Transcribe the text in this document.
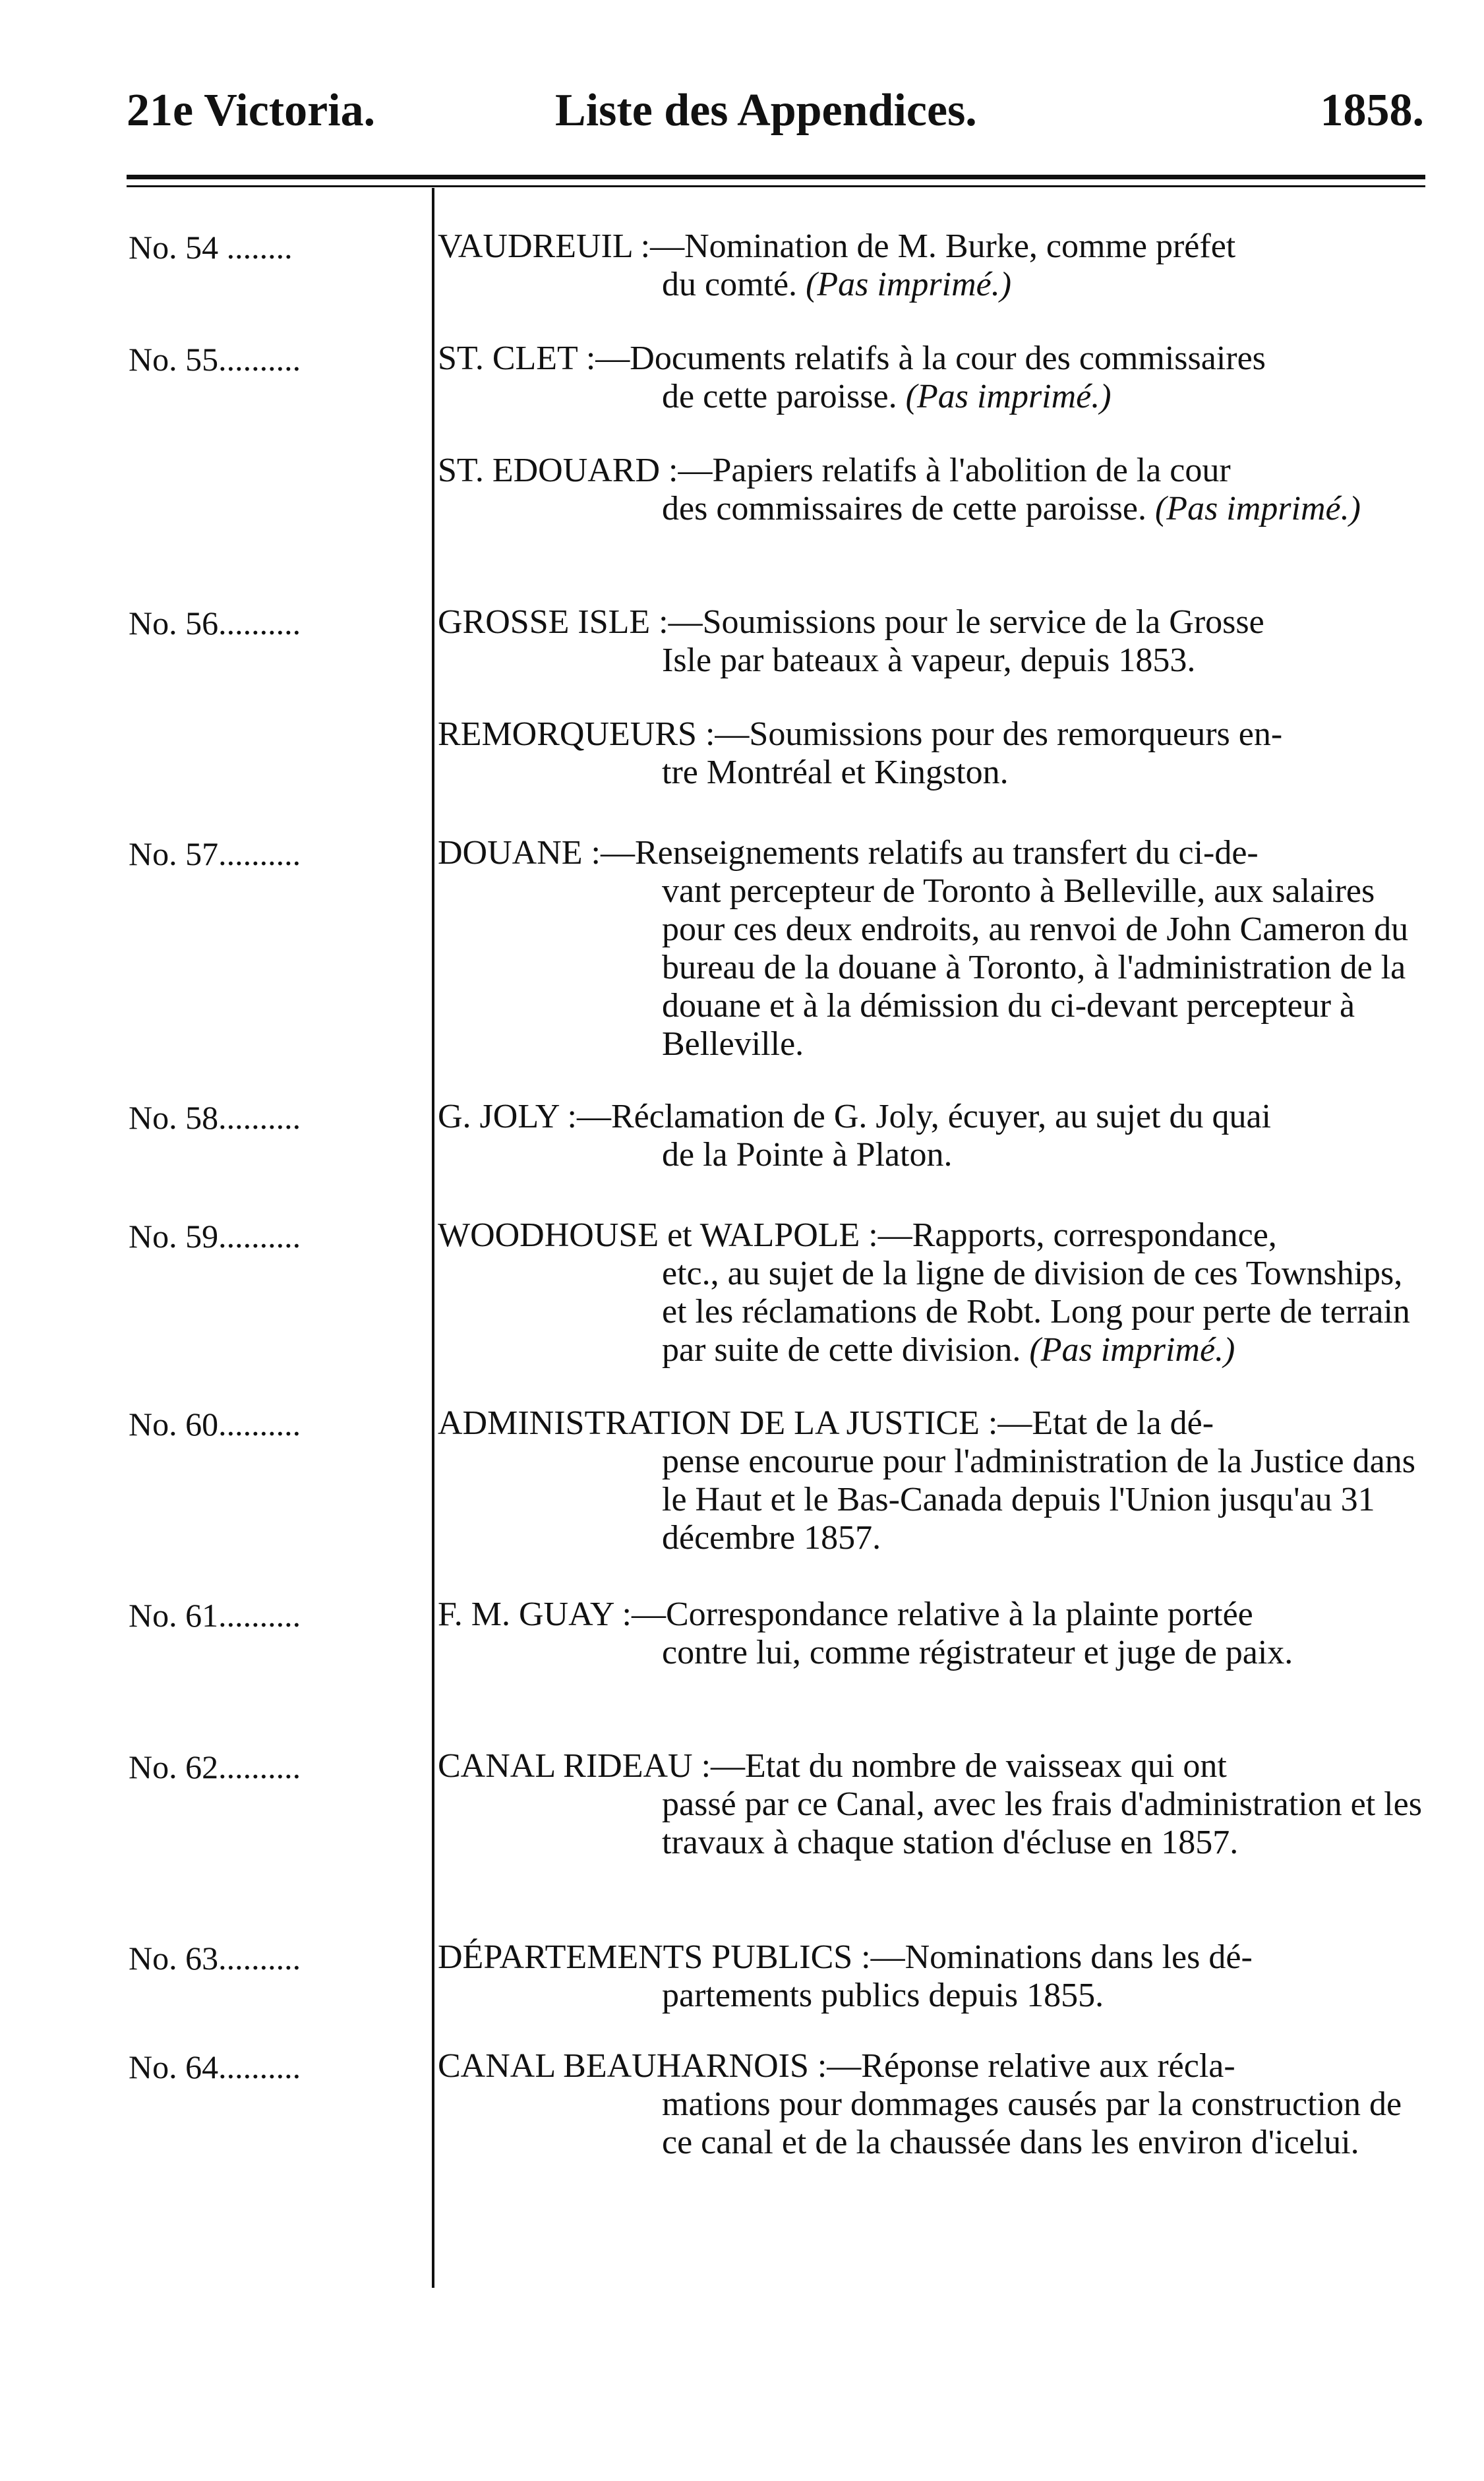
21e Victoria.	Liste des Appendices.	1858.
No. 54 ........	VAUDREUIL :—Nomination de M. Burke, comme préfet
du comté. (Pas imprimé.)
No. 55..........	ST. CLET :—Documents relatifs à la cour des commissaires
de cette paroisse. (Pas imprimé.)
ST. EDOUARD :—Papiers relatifs à l'abolition de la cour
des commissaires de cette paroisse. (Pas imprimé.)
No. 56..........	GROSSE ISLE :—Soumissions pour le service de la Grosse
Isle par bateaux à vapeur, depuis 1853.
REMORQUEURS :—Soumissions pour des remorqueurs en-
tre Montréal et Kingston.
No. 57..........	DOUANE :—Renseignements relatifs au transfert du ci-de-
vant percepteur de Toronto à Belleville, aux salaires pour ces deux endroits, au renvoi de John Cameron du bureau de la douane à Toronto, à l'administration de la douane et à la démission du ci-devant percepteur à Belleville.
No. 58..........	G. JOLY :—Réclamation de G. Joly, écuyer, au sujet du quai
de la Pointe à Platon.
No. 59..........	WOODHOUSE et WALPOLE :—Rapports, correspondance,
etc., au sujet de la ligne de division de ces Townships, et les réclamations de Robt. Long pour perte de terrain par suite de cette division. (Pas imprimé.)
No. 60..........	ADMINISTRATION DE LA JUSTICE :—Etat de la dé-
pense encourue pour l'administration de la Justice dans le Haut et le Bas-Canada depuis l'Union jusqu'au 31 décembre 1857.
No. 61..........	F. M. GUAY :—Correspondance relative à la plainte portée
contre lui, comme régistrateur et juge de paix.
No. 62..........	CANAL RIDEAU :—Etat du nombre de vaisseax qui ont
passé par ce Canal, avec les frais d'administration et les travaux à chaque station d'écluse en 1857.
No. 63..........	DÉPARTEMENTS PUBLICS :—Nominations dans les dé-
partements publics depuis 1855.
No. 64..........	CANAL BEAUHARNOIS :—Réponse relative aux récla-
mations pour dommages causés par la construction de ce canal et de la chaussée dans les environ d'icelui.
